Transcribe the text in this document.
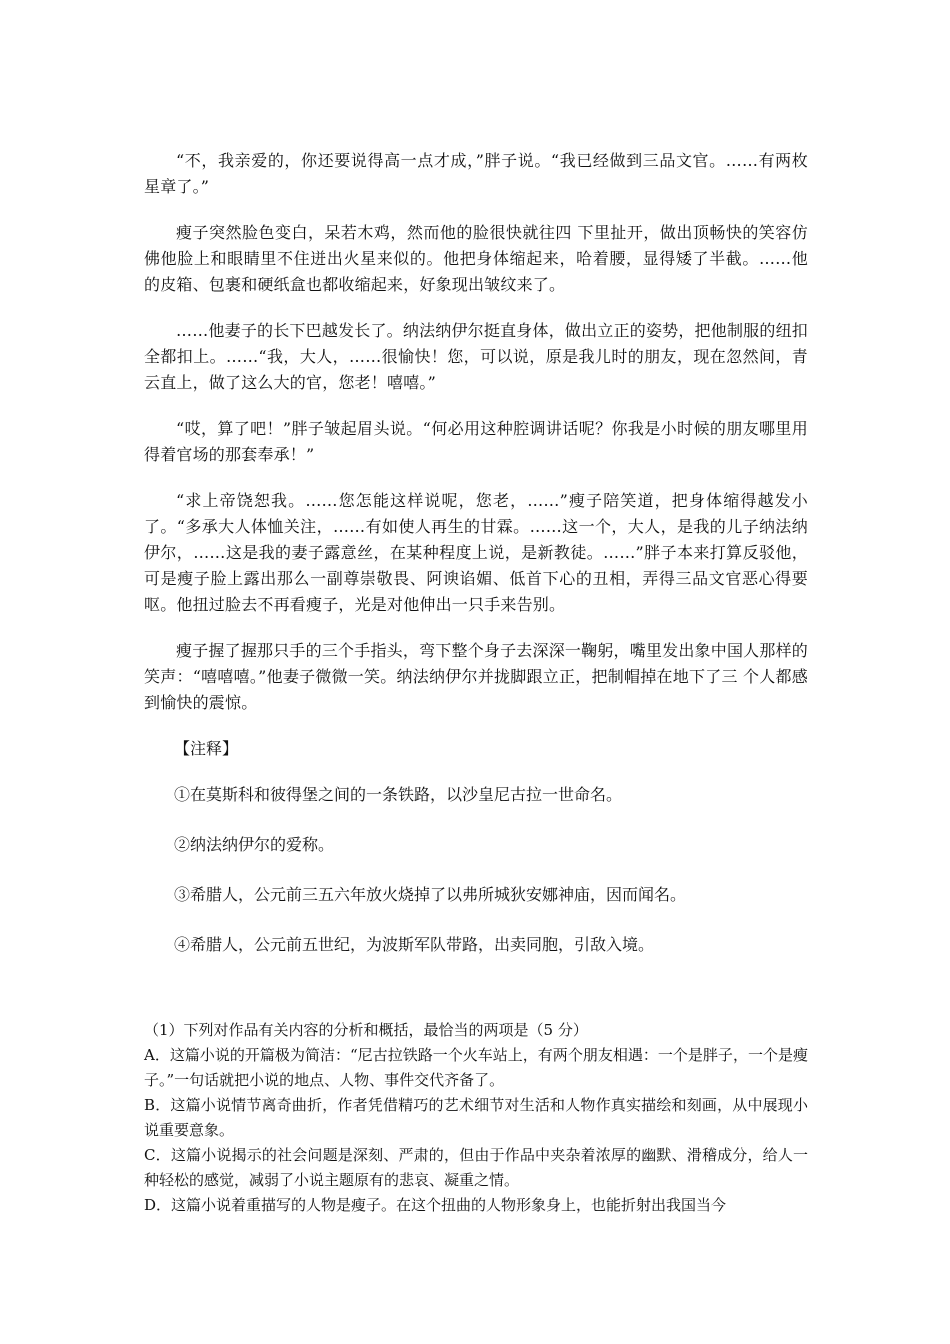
“不，我亲爱的，你还要说得高一点才成，”胖子说。“我已经做到三品文官。……有两枚星章了。”

瘦子突然脸色变白，呆若木鸡，然而他的脸很快就往四 下里扯开，做出顶畅快的笑容仿佛他脸上和眼睛里不住迸出火星来似的。他把身体缩起来，哈着腰，显得矮了半截。……他的皮箱、包裹和硬纸盒也都收缩起来，好象现出皱纹来了。

……他妻子的长下巴越发长了。纳法纳伊尔挺直身体，做出立正的姿势，把他制服的纽扣全都扣上。……“我，大人，……很愉快！您，可以说，原是我儿时的朋友，现在忽然间，青云直上，做了这么大的官，您老！嘻嘻。”

“哎，算了吧！”胖子皱起眉头说。“何必用这种腔调讲话呢？你我是小时候的朋友哪里用得着官场的那套奉承！”

“求上帝饶恕我。……您怎能这样说呢，您老，……”瘦子陪笑道，把身体缩得越发小了。“多承大人体恤关注，……有如使人再生的甘霖。……这一个，大人，是我的儿子纳法纳伊尔，……这是我的妻子露意丝，在某种程度上说，是新教徒。……”胖子本来打算反驳他，可是瘦子脸上露出那么一副尊崇敬畏、阿谀谄媚、低首下心的丑相，弄得三品文官恶心得要呕。他扭过脸去不再看瘦子，光是对他伸出一只手来告别。

瘦子握了握那只手的三个手指头，弯下整个身子去深深一鞠躬，嘴里发出象中国人那样的笑声：“嘻嘻嘻。”他妻子微微一笑。纳法纳伊尔并拢脚跟立正，把制帽掉在地下了三 个人都感到愉快的震惊。

【注释】
①在莫斯科和彼得堡之间的一条铁路，以沙皇尼古拉一世命名。
②纳法纳伊尔的爱称。
③希腊人，公元前三五六年放火烧掉了以弗所城狄安娜神庙，因而闻名。
④希腊人，公元前五世纪，为波斯军队带路，出卖同胞，引敌入境。

（1）下列对作品有关内容的分析和概括，最恰当的两项是（5 分）

A．这篇小说的开篇极为简洁：“尼古拉铁路一个火车站上，有两个朋友相遇：一个是胖子，一个是瘦子。”一句话就把小说的地点、人物、事件交代齐备了。

B．这篇小说情节离奇曲折，作者凭借精巧的艺术细节对生活和人物作真实描绘和刻画，从中展现小说重要意象。

C．这篇小说揭示的社会问题是深刻、严肃的，但由于作品中夹杂着浓厚的幽默、滑稽成分，给人一种轻松的感觉，减弱了小说主题原有的悲哀、凝重之情。

D．这篇小说着重描写的人物是瘦子。在这个扭曲的人物形象身上，也能折射出我国当今
